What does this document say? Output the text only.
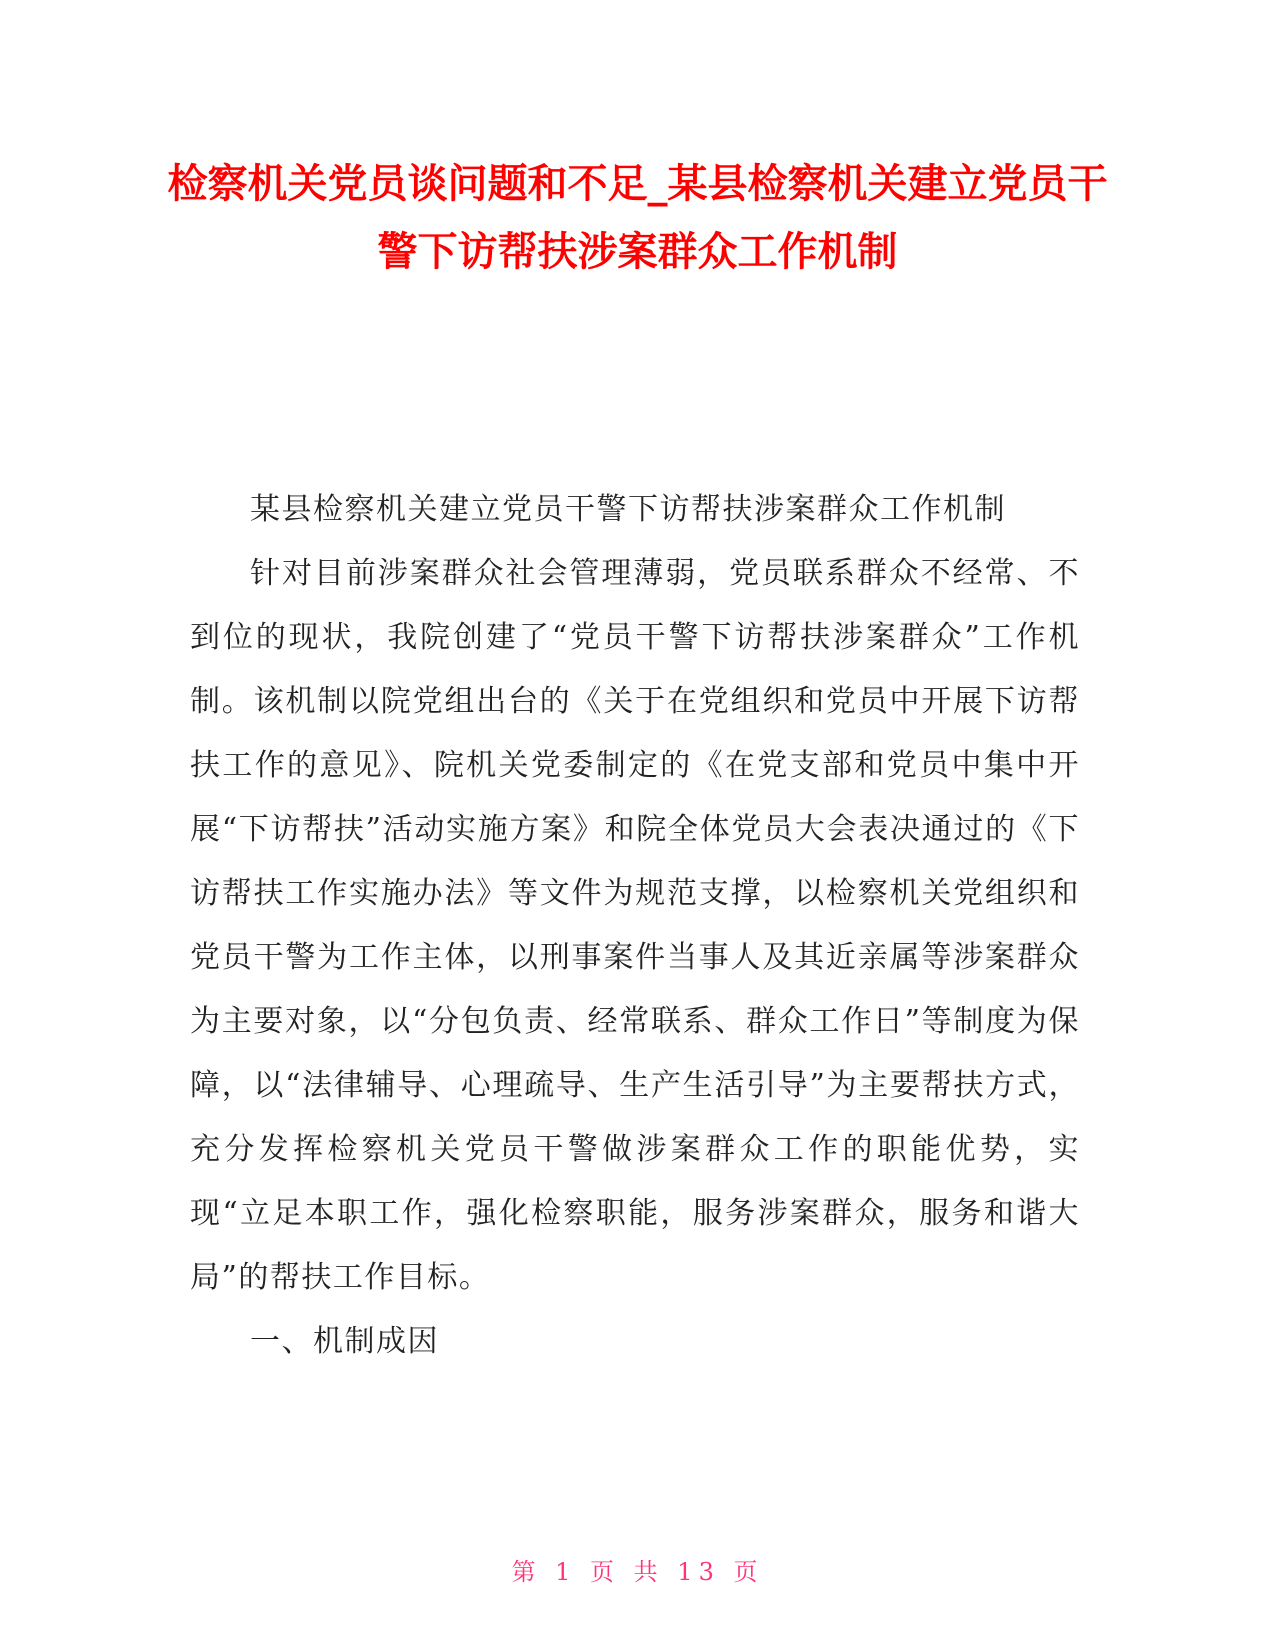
检察机关党员谈问题和不足_某县检察机关建立党员干警下访帮扶涉案群众工作机制

某县检察机关建立党员干警下访帮扶涉案群众工作机制

针对目前涉案群众社会管理薄弱，党员联系群众不经常、不到位的现状，我院创建了“党员干警下访帮扶涉案群众”工作机制。该机制以院党组出台的《关于在党组织和党员中开展下访帮扶工作的意见》、院机关党委制定的《在党支部和党员中集中开展“下访帮扶”活动实施方案》和院全体党员大会表决通过的《下访帮扶工作实施办法》等文件为规范支撑，以检察机关党组织和党员干警为工作主体，以刑事案件当事人及其近亲属等涉案群众为主要对象，以“分包负责、经常联系、群众工作日”等制度为保障，以“法律辅导、心理疏导、生产生活引导”为主要帮扶方式，充分发挥检察机关党员干警做涉案群众工作的职能优势，实现“立足本职工作，强化检察职能，服务涉案群众，服务和谐大局”的帮扶工作目标。

一、机制成因

第 1 页 共 13 页
